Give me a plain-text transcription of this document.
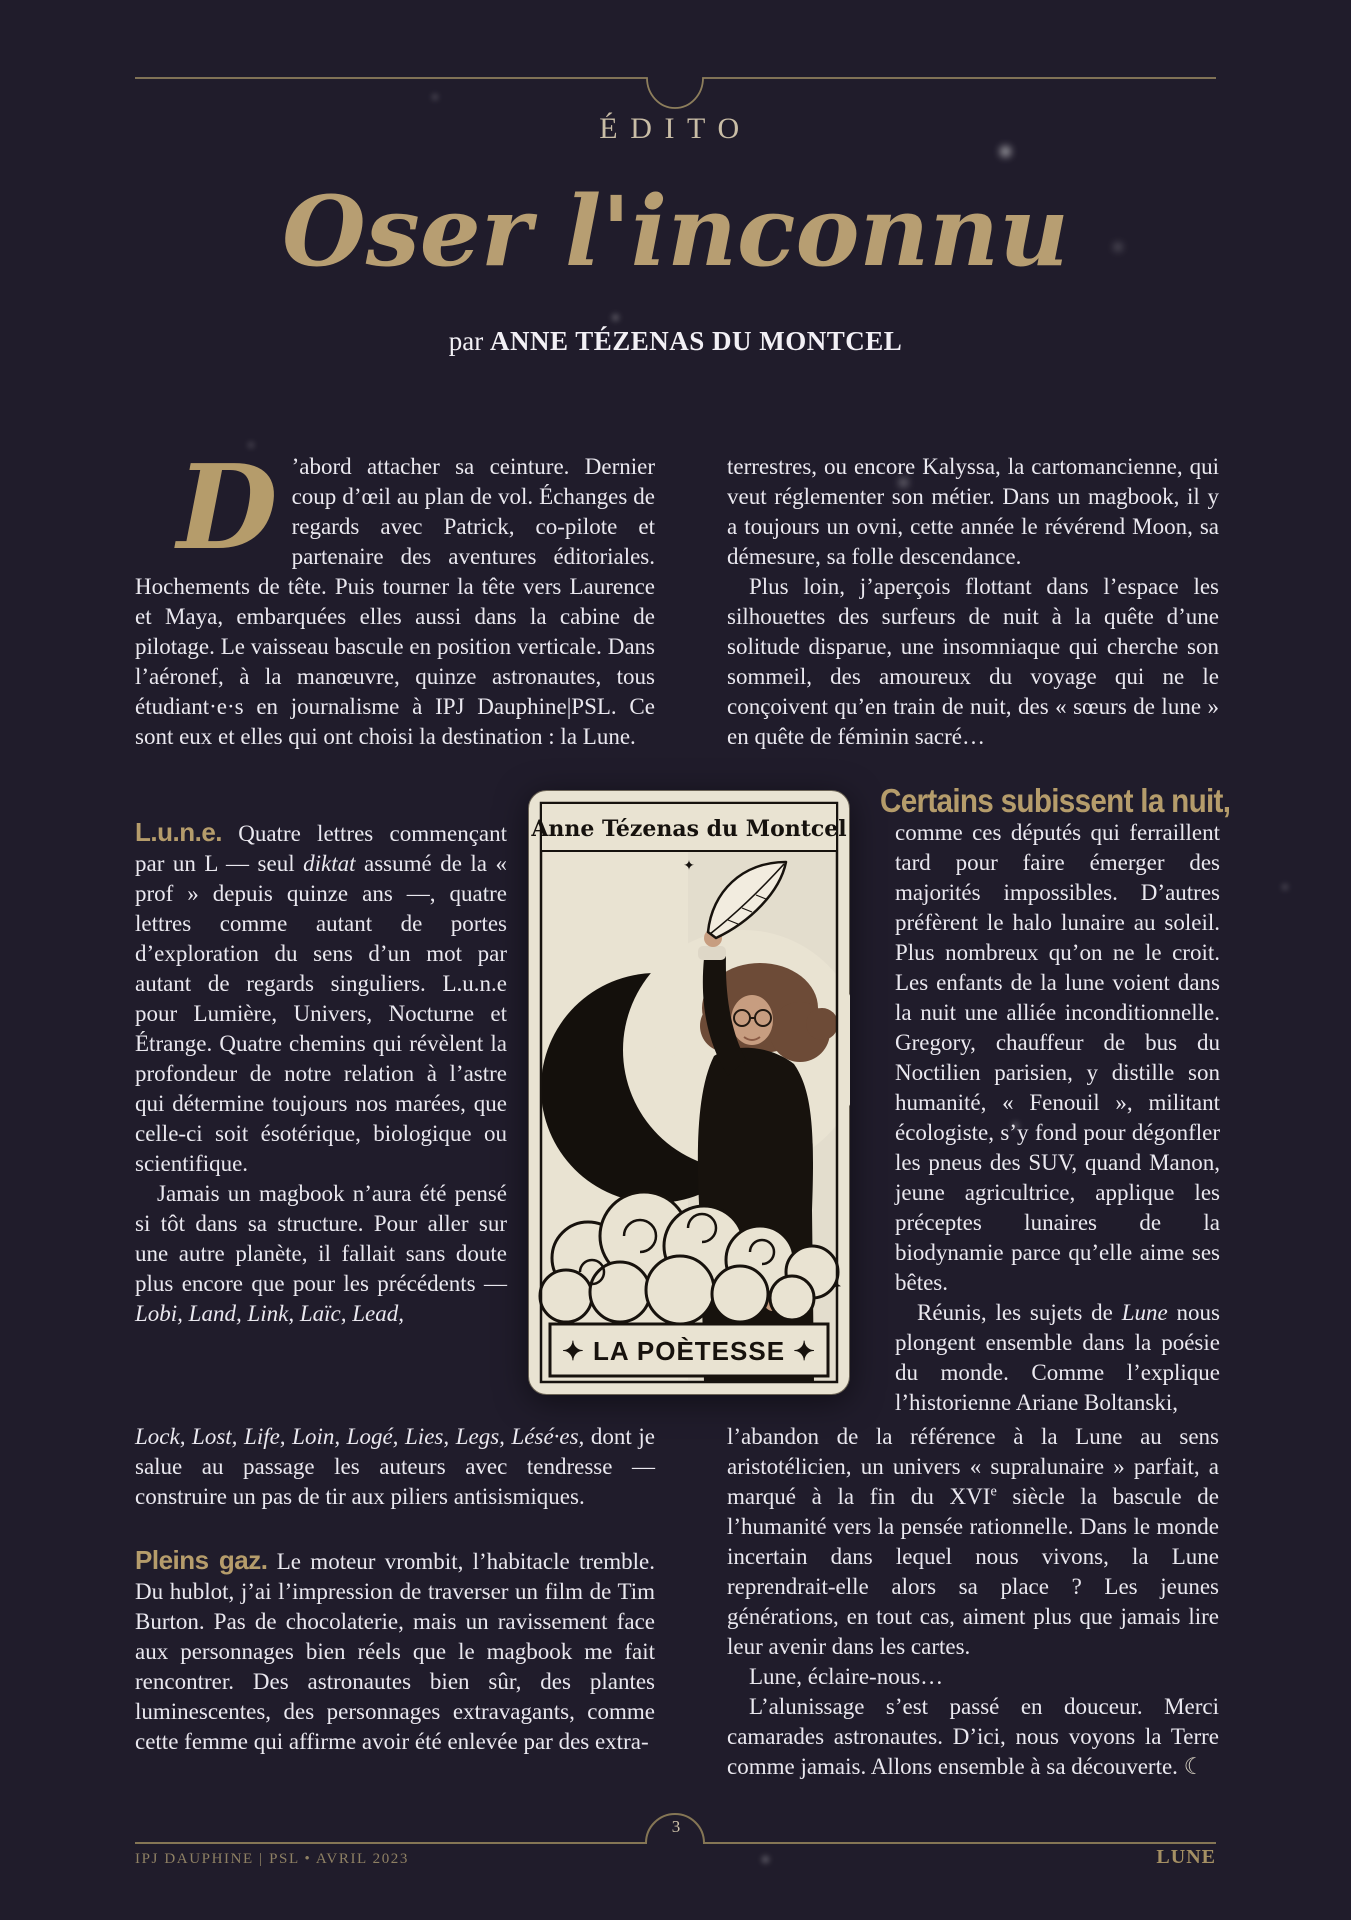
ÉDITO
Oser l'inconnu
par ANNE TÉZENAS DU MONTCEL
D ’abord attacher sa ceinture. Dernier coup d’œil au plan de vol. Échanges de regards avec Patrick, co-pilote et partenaire des aventures éditoriales. Hochements de tête. Puis tourner la tête vers Laurence et Maya, embarquées elles aussi dans la cabine de pilotage. Le vaisseau bascule en position verticale. Dans l’aéronef, à la manœuvre, quinze astronautes, tous étudiant·e·s en journalisme à IPJ Dauphine|PSL. Ce sont eux et elles qui ont choisi la destination : la Lune.

L.u.n.e. Quatre lettres commençant par un L — seul diktat assumé de la « prof » depuis quinze ans —, quatre lettres comme autant de portes d’exploration du sens d’un mot par autant de regards singuliers. L.u.n.e pour Lumière, Univers, Nocturne et Étrange. Quatre chemins qui révèlent la profondeur de notre relation à l’astre qui détermine toujours nos marées, que celle-ci soit ésotérique, biologique ou scientifique.

Jamais un magbook n’aura été pensé si tôt dans sa structure. Pour aller sur une autre planète, il fallait sans doute plus encore que pour les précédents — Lobi, Land, Link, Laïc, Lead,

Lock, Lost, Life, Loin, Logé, Lies, Legs, Lésé·es, dont je salue au passage les auteurs avec tendresse — construire un pas de tir aux piliers antisismiques.

Pleins gaz. Le moteur vrombit, l’habitacle tremble. Du hublot, j’ai l’impression de traverser un film de Tim Burton. Pas de chocolaterie, mais un ravissement face aux personnages bien réels que le magbook me fait rencontrer. Des astronautes bien sûr, des plantes luminescentes, des personnages extravagants, comme cette femme qui affirme avoir été enlevée par des extra-

terrestres, ou encore Kalyssa, la cartomancienne, qui veut réglementer son métier. Dans un magbook, il y a toujours un ovni, cette année le révérend Moon, sa démesure, sa folle descendance.

Plus loin, j’aperçois flottant dans l’espace les silhouettes des surfeurs de nuit à la quête d’une solitude disparue, une insomniaque qui cherche son sommeil, des amoureux du voyage qui ne le conçoivent qu’en train de nuit, des « sœurs de lune » en quête de féminin sacré…

Certains subissent la nuit,

comme ces députés qui ferraillent tard pour faire émerger des majorités impossibles. D’autres préfèrent le halo lunaire au soleil. Plus nombreux qu’on ne le croit. Les enfants de la lune voient dans la nuit une alliée inconditionnelle. Gregory, chauffeur de bus du Noctilien parisien, y distille son humanité, « Fenouil », militant écologiste, s’y fond pour dégonfler les pneus des SUV, quand Manon, jeune agricultrice, applique les préceptes lunaires de la biodynamie parce qu’elle aime ses bêtes.

Réunis, les sujets de Lune nous plongent ensemble dans la poésie du monde. Comme l’explique l’historienne Ariane Boltanski,

l’abandon de la référence à la Lune au sens aristotélicien, un univers « supralunaire » parfait, a marqué à la fin du XVIe siècle la bascule de l’humanité vers la pensée rationnelle. Dans le monde incertain dans lequel nous vivons, la Lune reprendrait-elle alors sa place ? Les jeunes générations, en tout cas, aiment plus que jamais lire leur avenir dans les cartes.

Lune, éclaire-nous…

L’alunissage s’est passé en douceur. Merci camarades astronautes. D’ici, nous voyons la Terre comme jamais. Allons ensemble à sa découverte. ☾

Anne Tézenas du Montcel
✦
✦ LA POÈTESSE ✦
3
IPJ DAUPHINE | PSL • AVRIL 2023	LUNE
